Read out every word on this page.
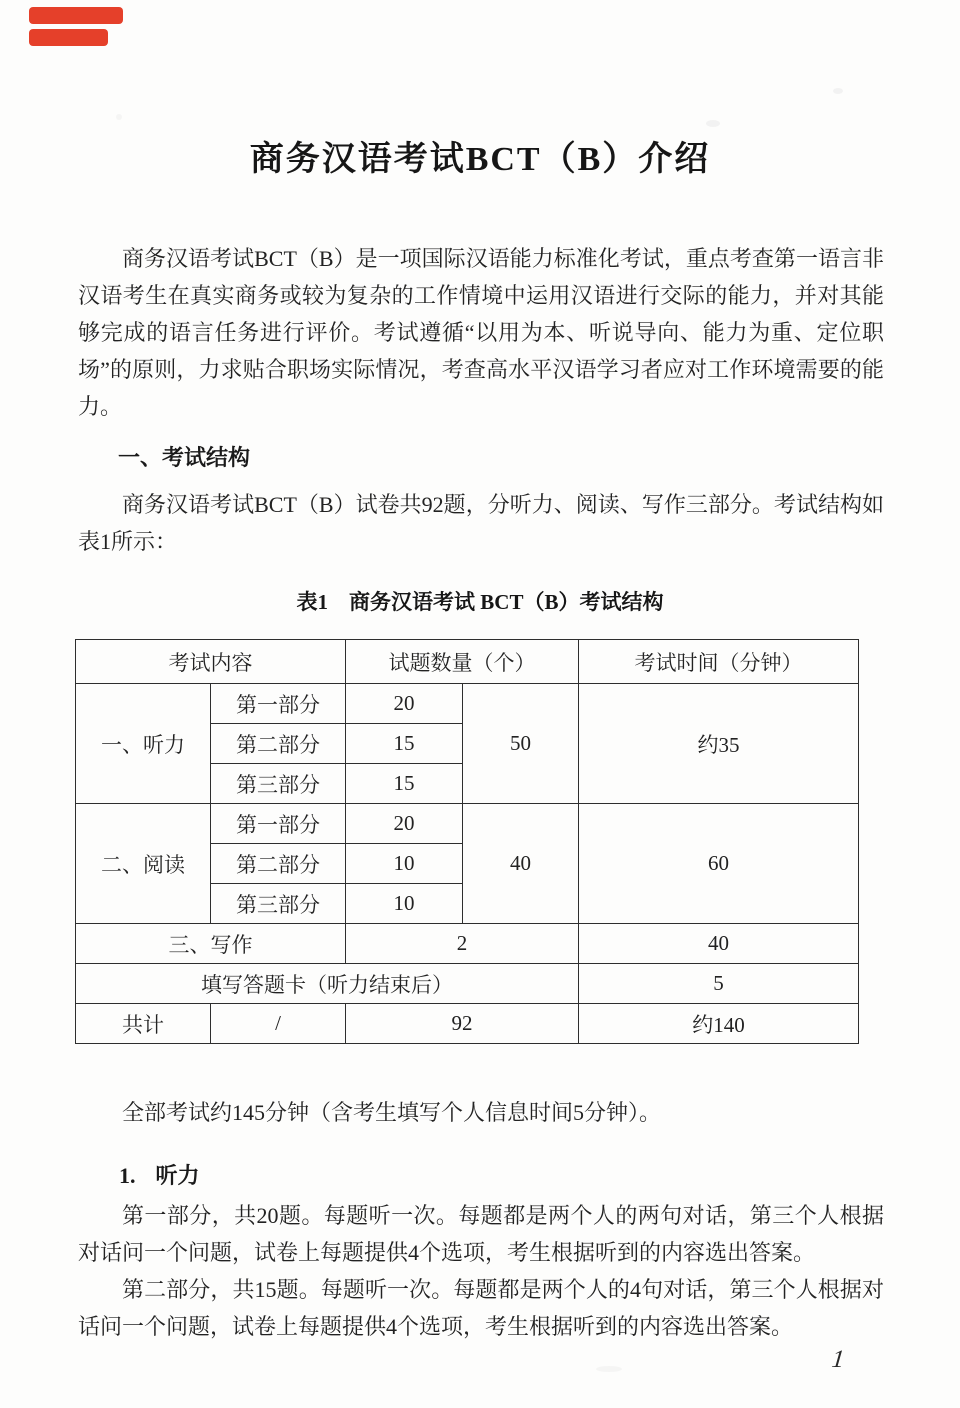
商务汉语考试BCT（B）介绍

商务汉语考试BCT（B）是一项国际汉语能力标准化考试，重点考查第一语言非汉语考生在真实商务或较为复杂的工作情境中运用汉语进行交际的能力，并对其能够完成的语言任务进行评价。考试遵循“以用为本、听说导向、能力为重、定位职场”的原则，力求贴合职场实际情况，考查高水平汉语学习者应对工作环境需要的能力。

一、考试结构

商务汉语考试BCT（B）试卷共92题，分听力、阅读、写作三部分。考试结构如表1所示：

表1　商务汉语考试 BCT（B）考试结构
考试内容		试题数量（个）		考试时间（分钟）
一、听力	第一部分	20	50	约35
	第二部分	15		
	第三部分	15		
二、阅读	第一部分	20	40	60
	第二部分	10		
	第三部分	10		
三、写作		2		40
填写答题卡（听力结束后）				5
共计	/	92		约140

全部考试约145分钟（含考生填写个人信息时间5分钟）。

1. 听力

第一部分，共20题。每题听一次。每题都是两个人的两句对话，第三个人根据对话问一个问题，试卷上每题提供4个选项，考生根据听到的内容选出答案。

第二部分，共15题。每题听一次。每题都是两个人的4句对话，第三个人根据对话问一个问题，试卷上每题提供4个选项，考生根据听到的内容选出答案。

1
